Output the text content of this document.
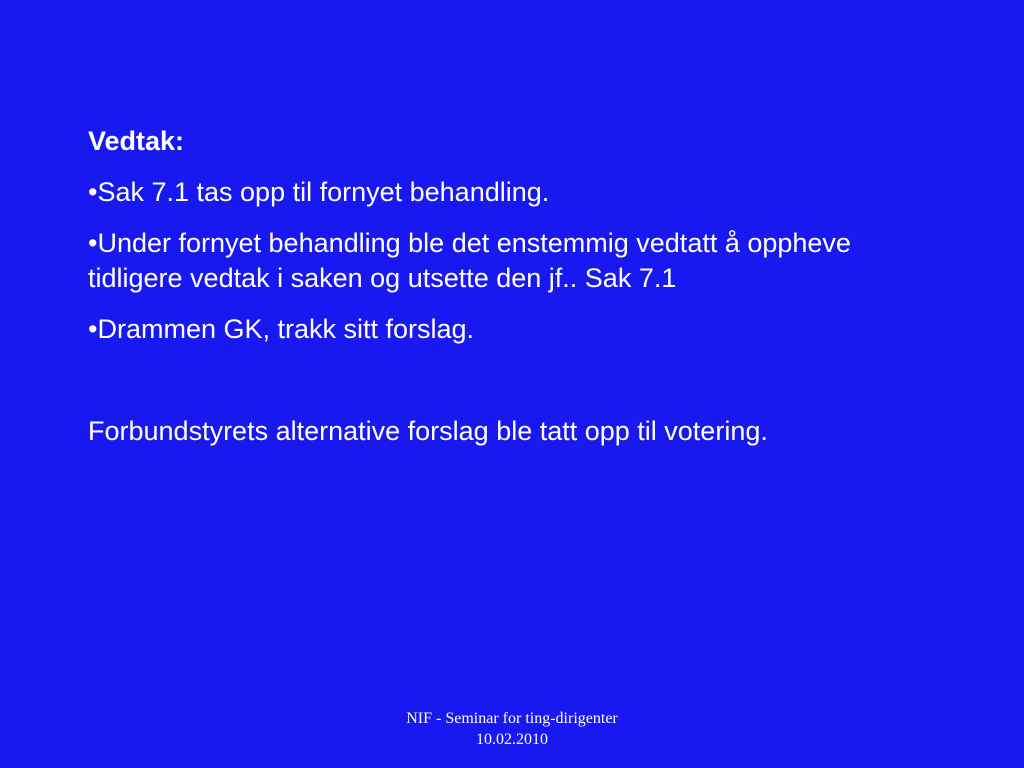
Vedtak:

•Sak 7.1 tas opp til fornyet behandling.

•Under fornyet behandling ble det enstemmig vedtatt å oppheve tidligere vedtak i saken og utsette den jf.. Sak 7.1

•Drammen GK, trakk sitt forslag.

Forbundstyrets alternative forslag ble tatt opp til votering.

NIF - Seminar for ting-dirigenter
10.02.2010
